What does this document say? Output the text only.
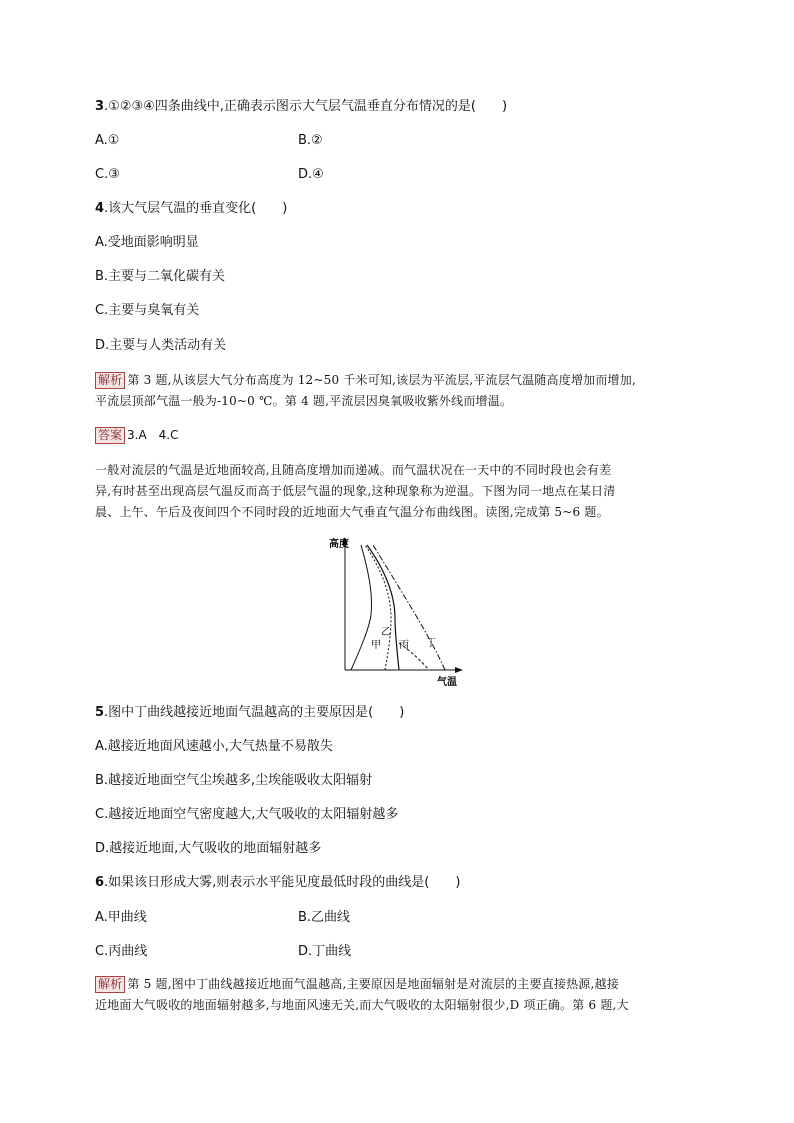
3.①②③④四条曲线中,正确表示图示大气层气温垂直分布情况的是(　　)
A.①	B.②
C.③	D.④
4.该大气层气温的垂直变化(　　)
A.受地面影响明显
B.主要与二氧化碳有关
C.主要与臭氧有关
D.主要与人类活动有关
解析 第 3 题,从该层大气分布高度为 12~50 千米可知,该层为平流层,平流层气温随高度增加而增加,
平流层顶部气温一般为-10~0 ℃。第 4 题,平流层因臭氧吸收紫外线而增温。
答案 3.A　4.C
一般对流层的气温是近地面较高,且随高度增加而递减。而气温状况在一天中的不同时段也会有差
异,有时甚至出现高层气温反而高于低层气温的现象,这种现象称为逆温。下图为同一地点在某日清
晨、上午、午后及夜间四个不同时段的近地面大气垂直气温分布曲线图。读图,完成第 5~6 题。
高度
气温
甲
乙
丙 丁
5.图中丁曲线越接近地面气温越高的主要原因是(　　)
A.越接近地面风速越小,大气热量不易散失
B.越接近地面空气尘埃越多,尘埃能吸收太阳辐射
C.越接近地面空气密度越大,大气吸收的太阳辐射越多
D.越接近地面,大气吸收的地面辐射越多
6.如果该日形成大雾,则表示水平能见度最低时段的曲线是(　　)
A.甲曲线	B.乙曲线
C.丙曲线	D.丁曲线
解析 第 5 题,图中丁曲线越接近地面气温越高,主要原因是地面辐射是对流层的主要直接热源,越接
近地面大气吸收的地面辐射越多,与地面风速无关,而大气吸收的太阳辐射很少,D 项正确。第 6 题,大
